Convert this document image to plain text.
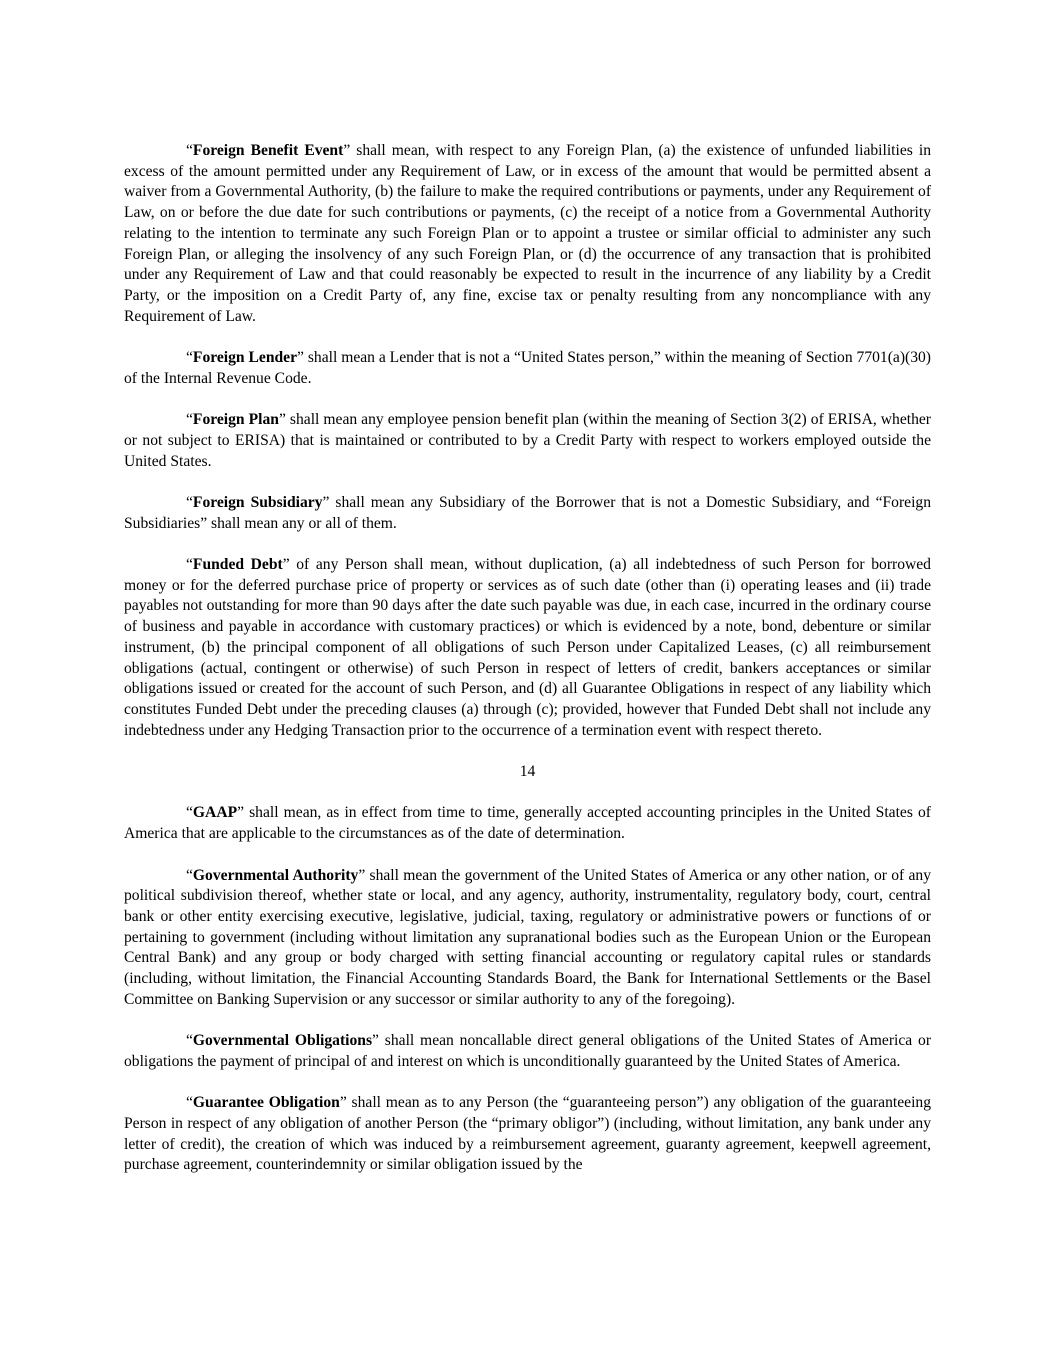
“Foreign Benefit Event” shall mean, with respect to any Foreign Plan, (a) the existence of unfunded liabilities in excess of the amount permitted under any Requirement of Law, or in excess of the amount that would be permitted absent a waiver from a Governmental Authority, (b) the failure to make the required contributions or payments, under any Requirement of Law, on or before the due date for such contributions or payments, (c) the receipt of a notice from a Governmental Authority relating to the intention to terminate any such Foreign Plan or to appoint a trustee or similar official to administer any such Foreign Plan, or alleging the insolvency of any such Foreign Plan, or (d) the occurrence of any transaction that is prohibited under any Requirement of Law and that could reasonably be expected to result in the incurrence of any liability by a Credit Party, or the imposition on a Credit Party of, any fine, excise tax or penalty resulting from any noncompliance with any Requirement of Law.

“Foreign Lender” shall mean a Lender that is not a “United States person,” within the meaning of Section 7701(a)(30) of the Internal Revenue Code.

“Foreign Plan” shall mean any employee pension benefit plan (within the meaning of Section 3(2) of ERISA, whether or not subject to ERISA) that is maintained or contributed to by a Credit Party with respect to workers employed outside the United States.

“Foreign Subsidiary” shall mean any Subsidiary of the Borrower that is not a Domestic Subsidiary, and “Foreign Subsidiaries” shall mean any or all of them.

“Funded Debt” of any Person shall mean, without duplication, (a) all indebtedness of such Person for borrowed money or for the deferred purchase price of property or services as of such date (other than (i) operating leases and (ii) trade payables not outstanding for more than 90 days after the date such payable was due, in each case, incurred in the ordinary course of business and payable in accordance with customary practices) or which is evidenced by a note, bond, debenture or similar instrument, (b) the principal component of all obligations of such Person under Capitalized Leases, (c) all reimbursement obligations (actual, contingent or otherwise) of such Person in respect of letters of credit, bankers acceptances or similar obligations issued or created for the account of such Person, and (d) all Guarantee Obligations in respect of any liability which constitutes Funded Debt under the preceding clauses (a) through (c); provided, however that Funded Debt shall not include any indebtedness under any Hedging Transaction prior to the occurrence of a termination event with respect thereto.

14

“GAAP” shall mean, as in effect from time to time, generally accepted accounting principles in the United States of America that are applicable to the circumstances as of the date of determination.

“Governmental Authority” shall mean the government of the United States of America or any other nation, or of any political subdivision thereof, whether state or local, and any agency, authority, instrumentality, regulatory body, court, central bank or other entity exercising executive, legislative, judicial, taxing, regulatory or administrative powers or functions of or pertaining to government (including without limitation any supranational bodies such as the European Union or the European Central Bank) and any group or body charged with setting financial accounting or regulatory capital rules or standards (including, without limitation, the Financial Accounting Standards Board, the Bank for International Settlements or the Basel Committee on Banking Supervision or any successor or similar authority to any of the foregoing).

“Governmental Obligations” shall mean noncallable direct general obligations of the United States of America or obligations the payment of principal of and interest on which is unconditionally guaranteed by the United States of America.

“Guarantee Obligation” shall mean as to any Person (the “guaranteeing person”) any obligation of the guaranteeing Person in respect of any obligation of another Person (the “primary obligor”) (including, without limitation, any bank under any letter of credit), the creation of which was induced by a reimbursement agreement, guaranty agreement, keepwell agreement, purchase agreement, counterindemnity or similar obligation issued by the
